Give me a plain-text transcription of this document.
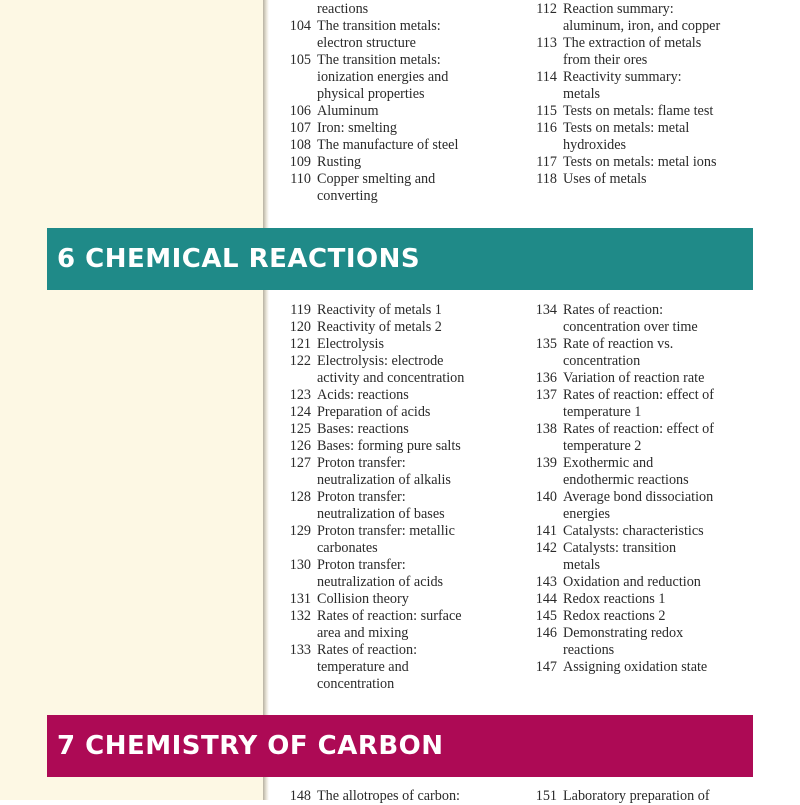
reactions
104 The transition metals:
electron structure
105 The transition metals:
ionization energies and
physical properties
106 Aluminum
107 Iron: smelting
108 The manufacture of steel
109 Rusting
110 Copper smelting and
converting
112 Reaction summary:
aluminum, iron, and copper
113 The extraction of metals
from their ores
114 Reactivity summary:
metals
115 Tests on metals: flame test
116 Tests on metals: metal
hydroxides
117 Tests on metals: metal ions
118 Uses of metals
6 CHEMICAL REACTIONS
119 Reactivity of metals 1
120 Reactivity of metals 2
121 Electrolysis
122 Electrolysis: electrode
activity and concentration
123 Acids: reactions
124 Preparation of acids
125 Bases: reactions
126 Bases: forming pure salts
127 Proton transfer:
neutralization of alkalis
128 Proton transfer:
neutralization of bases
129 Proton transfer: metallic
carbonates
130 Proton transfer:
neutralization of acids
131 Collision theory
132 Rates of reaction: surface
area and mixing
133 Rates of reaction:
temperature and
concentration
134 Rates of reaction:
concentration over time
135 Rate of reaction vs.
concentration
136 Variation of reaction rate
137 Rates of reaction: effect of
temperature 1
138 Rates of reaction: effect of
temperature 2
139 Exothermic and
endothermic reactions
140 Average bond dissociation
energies
141 Catalysts: characteristics
142 Catalysts: transition
metals
143 Oxidation and reduction
144 Redox reactions 1
145 Redox reactions 2
146 Demonstrating redox
reactions
147 Assigning oxidation state
7 CHEMISTRY OF CARBON
148 The allotropes of carbon:	151 Laboratory preparation of
